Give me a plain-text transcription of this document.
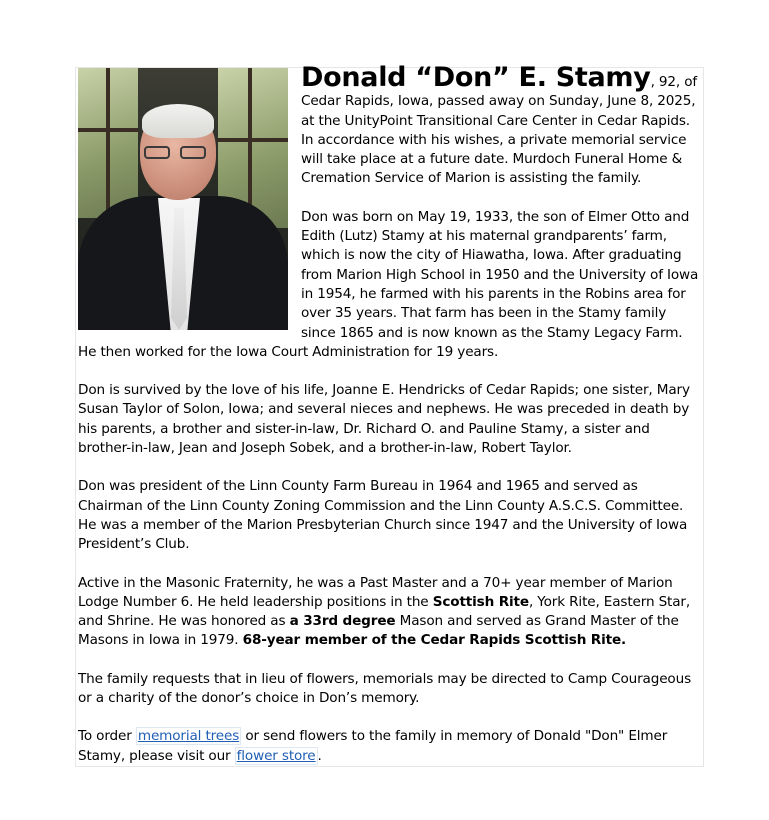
Donald “Don” E. Stamy, 92, of Cedar Rapids, Iowa, passed away on Sunday, June 8, 2025, at the UnityPoint Transitional Care Center in Cedar Rapids. In accordance with his wishes, a private memorial service will take place at a future date. Murdoch Funeral Home & Cremation Service of Marion is assisting the family.

Don was born on May 19, 1933, the son of Elmer Otto and Edith (Lutz) Stamy at his maternal grandparents’ farm, which is now the city of Hiawatha, Iowa. After graduating from Marion High School in 1950 and the University of Iowa in 1954, he farmed with his parents in the Robins area for over 35 years. That farm has been in the Stamy family since 1865 and is now known as the Stamy Legacy Farm. He then worked for the Iowa Court Administration for 19 years.

Don is survived by the love of his life, Joanne E. Hendricks of Cedar Rapids; one sister, Mary Susan Taylor of Solon, Iowa; and several nieces and nephews. He was preceded in death by his parents, a brother and sister-in-law, Dr. Richard O. and Pauline Stamy, a sister and brother-in-law, Jean and Joseph Sobek, and a brother-in-law, Robert Taylor.

Don was president of the Linn County Farm Bureau in 1964 and 1965 and served as Chairman of the Linn County Zoning Commission and the Linn County A.S.C.S. Committee. He was a member of the Marion Presbyterian Church since 1947 and the University of Iowa President’s Club.

Active in the Masonic Fraternity, he was a Past Master and a 70+ year member of Marion Lodge Number 6. He held leadership positions in the Scottish Rite, York Rite, Eastern Star, and Shrine. He was honored as a 33rd degree Mason and served as Grand Master of the Masons in Iowa in 1979. 68-year member of the Cedar Rapids Scottish Rite.

The family requests that in lieu of flowers, memorials may be directed to Camp Courageous or a charity of the donor’s choice in Don’s memory.

To order memorial trees or send flowers to the family in memory of Donald "Don" Elmer Stamy, please visit our flower store .
